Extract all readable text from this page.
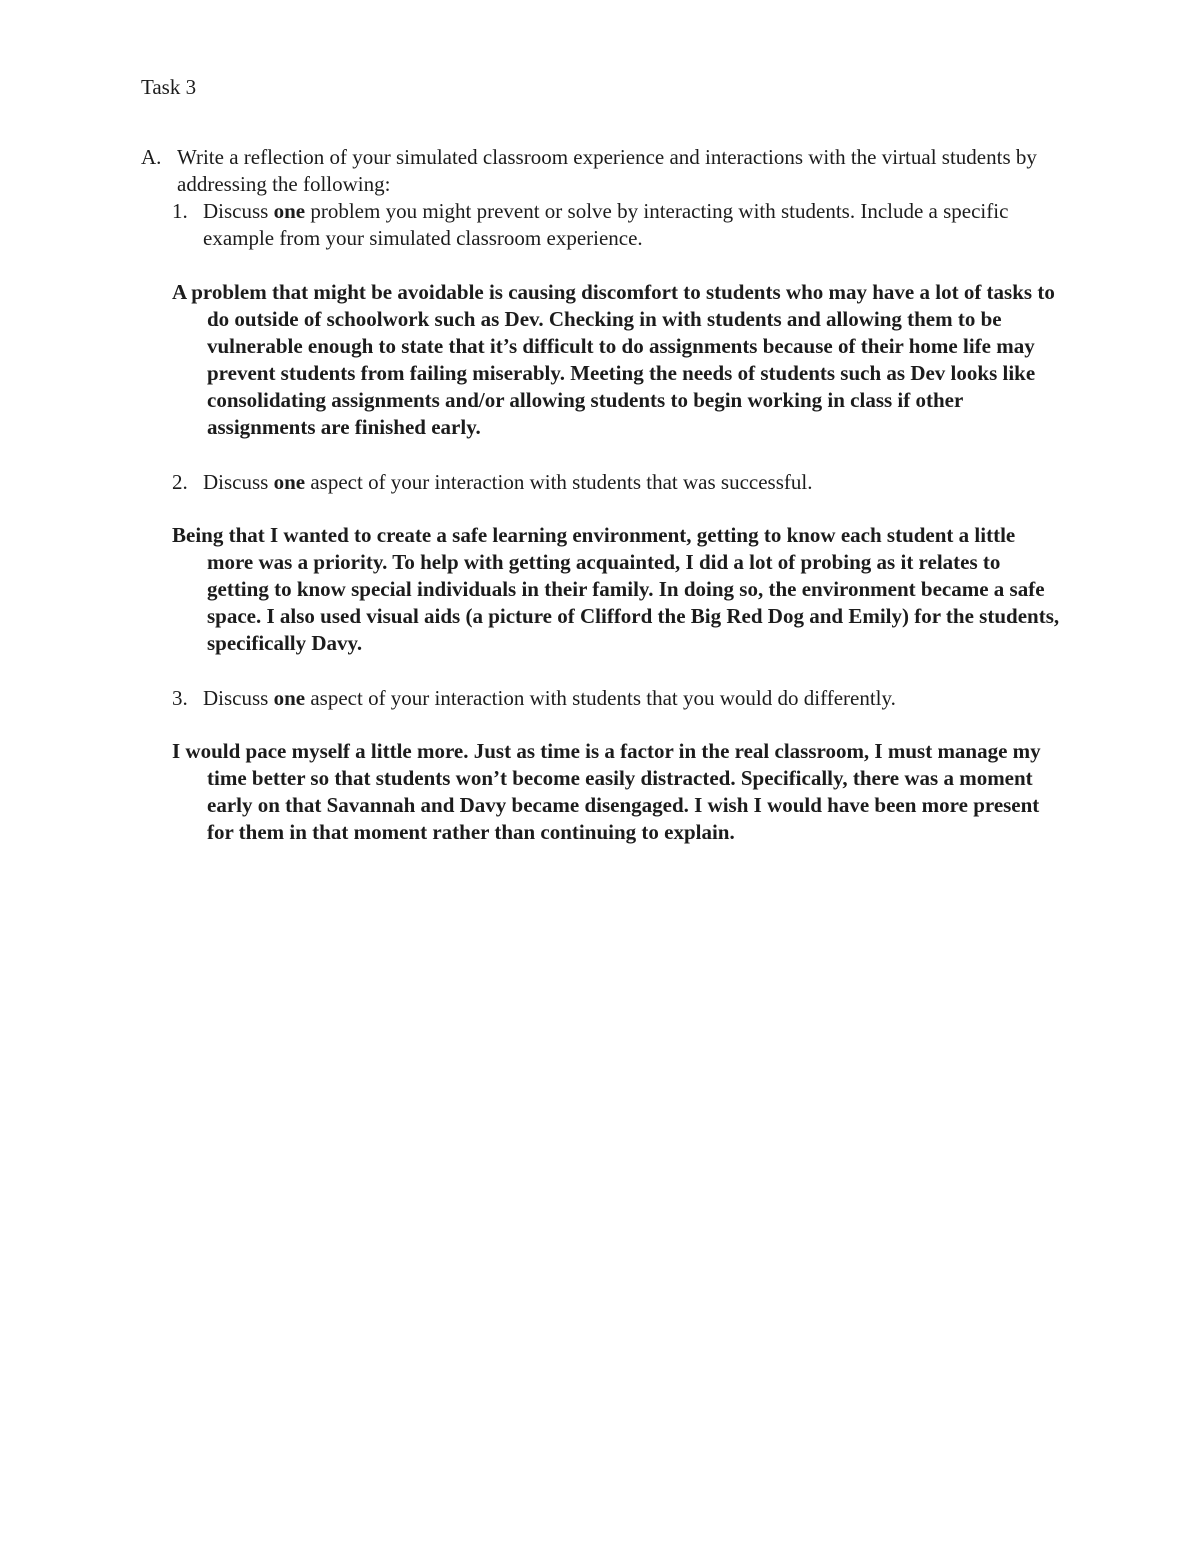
Task 3
A. Write a reflection of your simulated classroom experience and interactions with the virtual students by addressing the following:
1. Discuss one problem you might prevent or solve by interacting with students. Include a specific example from your simulated classroom experience.
A problem that might be avoidable is causing discomfort to students who may have a lot of tasks to do outside of schoolwork such as Dev. Checking in with students and allowing them to be vulnerable enough to state that it’s difficult to do assignments because of their home life may prevent students from failing miserably. Meeting the needs of students such as Dev looks like consolidating assignments and/or allowing students to begin working in class if other assignments are finished early.
2. Discuss one aspect of your interaction with students that was successful.
Being that I wanted to create a safe learning environment, getting to know each student a little more was a priority. To help with getting acquainted, I did a lot of probing as it relates to getting to know special individuals in their family. In doing so, the environment became a safe space. I also used visual aids (a picture of Clifford the Big Red Dog and Emily) for the students, specifically Davy.
3. Discuss one aspect of your interaction with students that you would do differently.
I would pace myself a little more. Just as time is a factor in the real classroom, I must manage my time better so that students won’t become easily distracted. Specifically, there was a moment early on that Savannah and Davy became disengaged. I wish I would have been more present for them in that moment rather than continuing to explain.
